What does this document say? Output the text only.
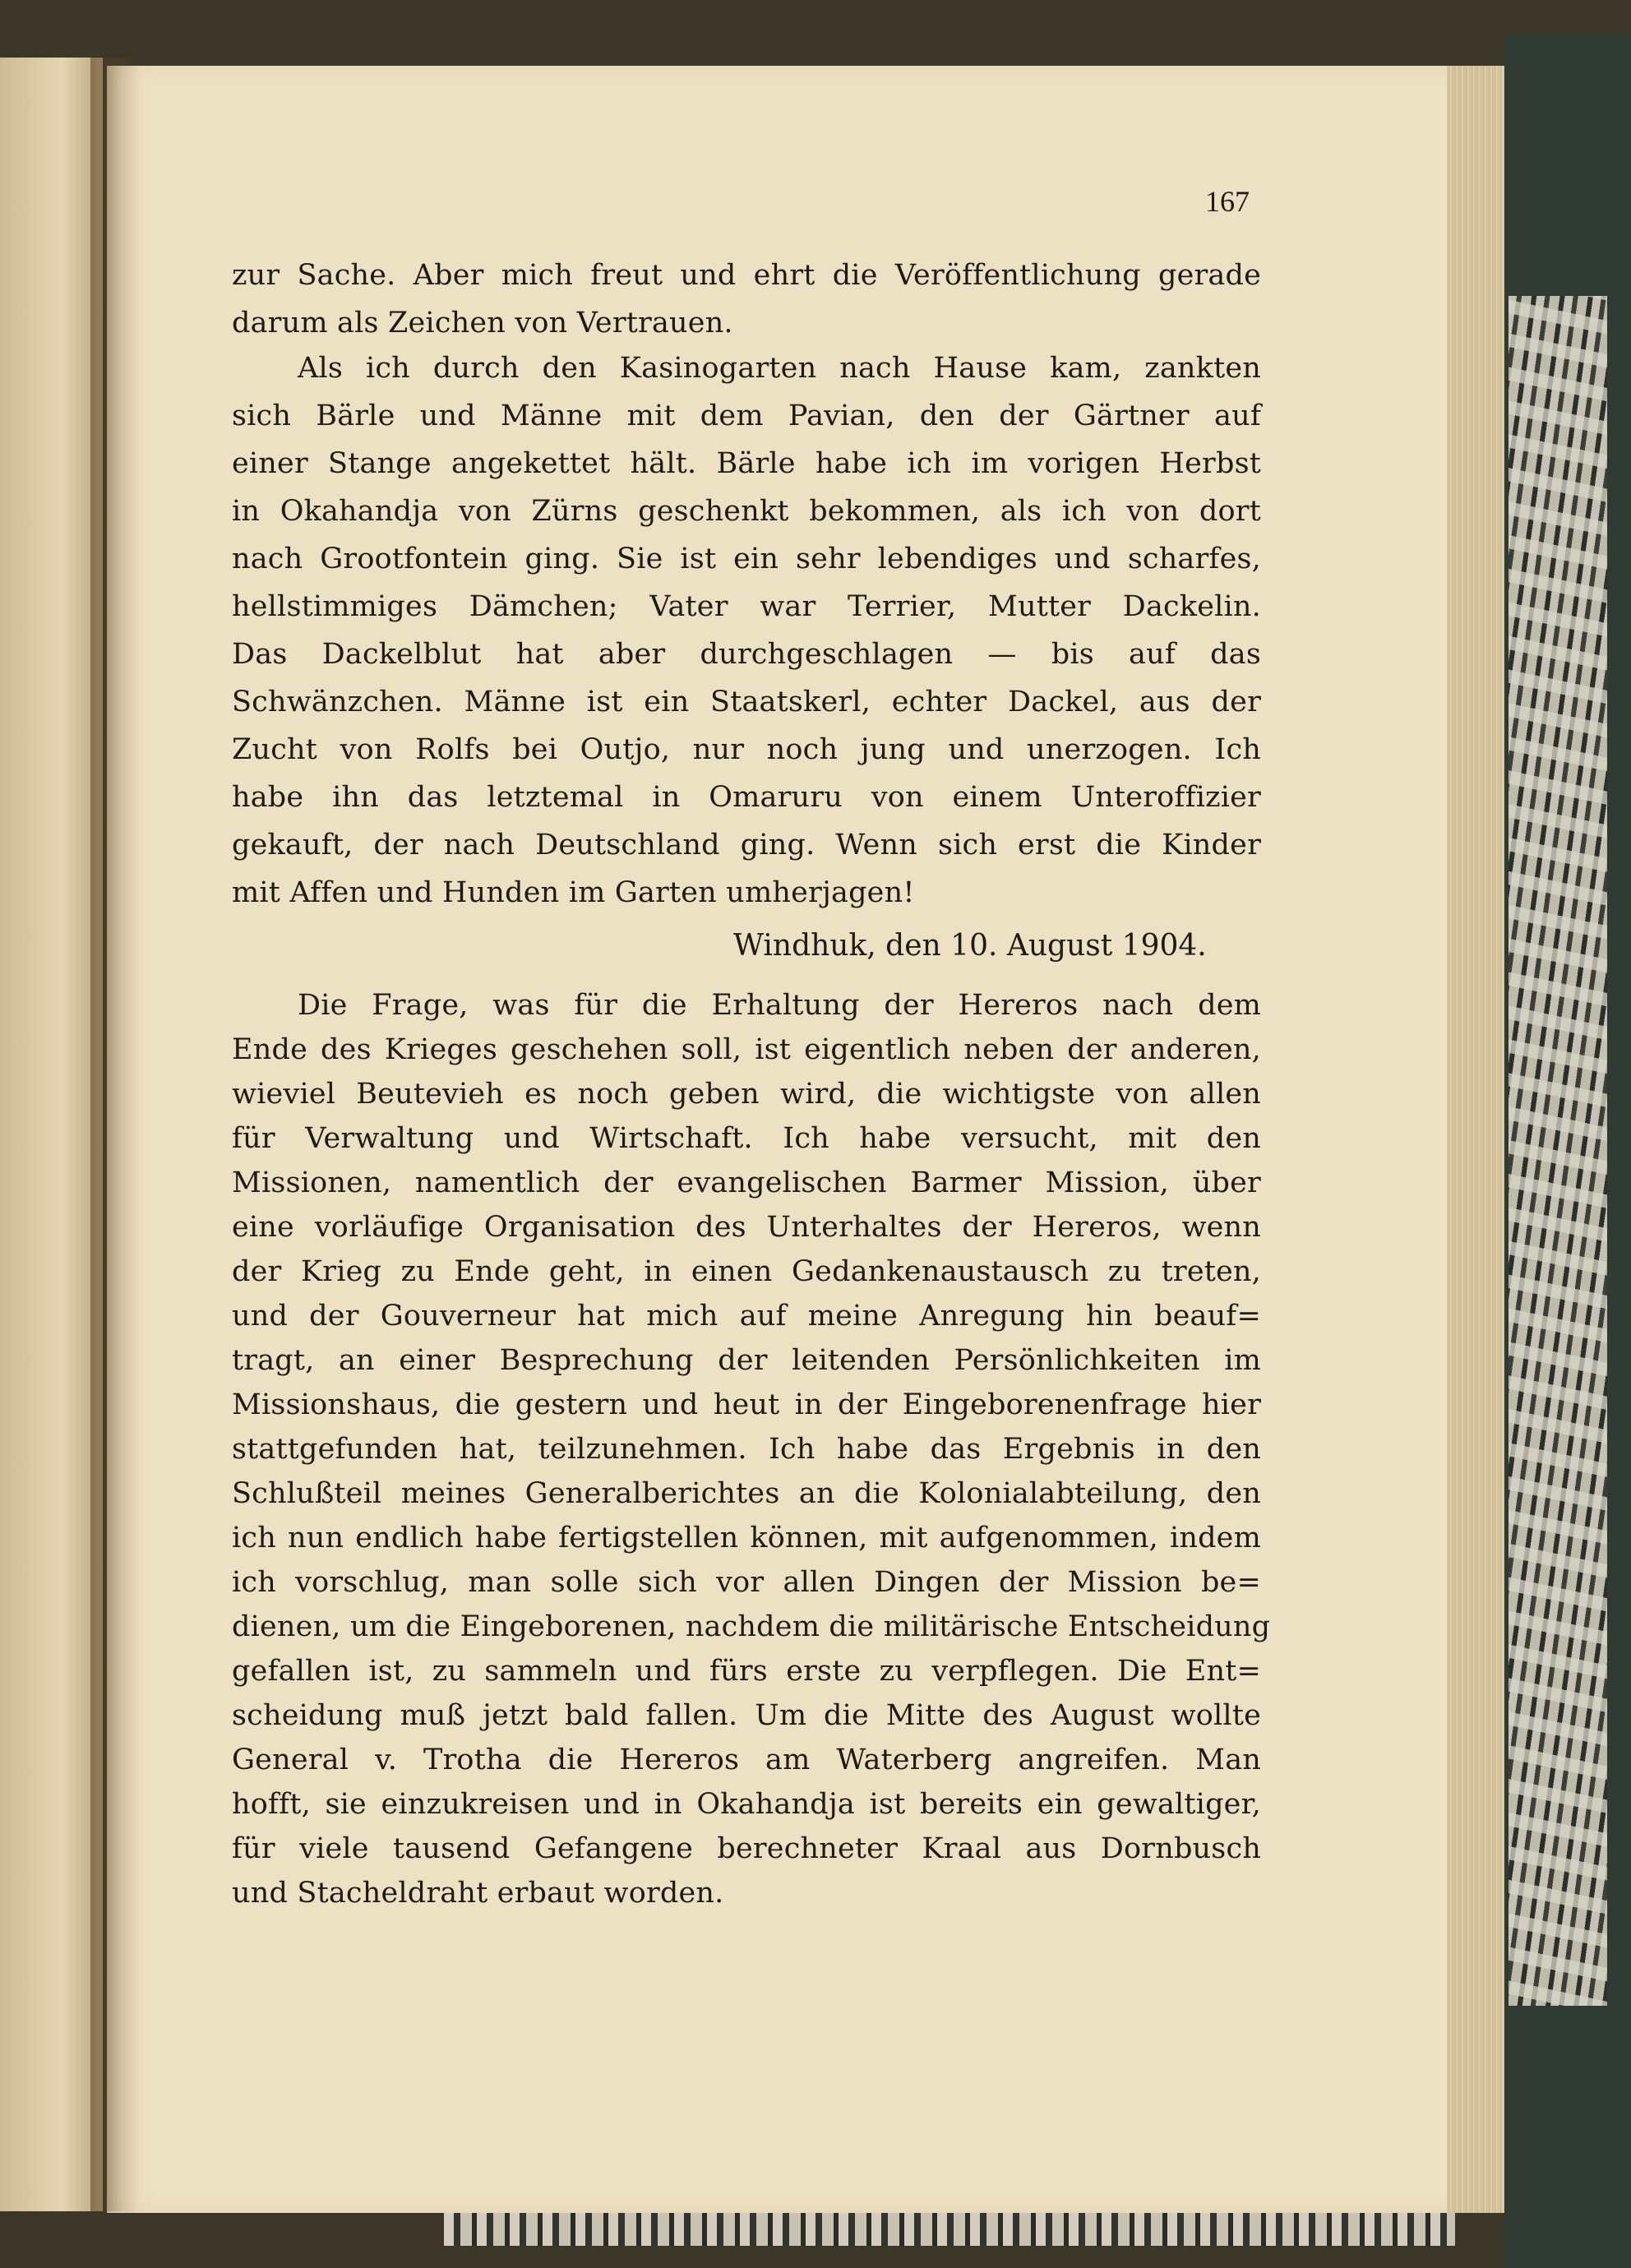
167
zur Sache. Aber mich freut und ehrt die Veröffentlichung gerade
darum als Zeichen von Vertrauen.
Als ich durch den Kasinogarten nach Hause kam, zankten
sich Bärle und Männe mit dem Pavian, den der Gärtner auf
einer Stange angekettet hält. Bärle habe ich im vorigen Herbst
in Okahandja von Zürns geschenkt bekommen, als ich von dort
nach Grootfontein ging. Sie ist ein sehr lebendiges und scharfes,
hellstimmiges Dämchen; Vater war Terrier, Mutter Dackelin.
Das Dackelblut hat aber durchgeschlagen — bis auf das
Schwänzchen. Männe ist ein Staatskerl, echter Dackel, aus der
Zucht von Rolfs bei Outjo, nur noch jung und unerzogen. Ich
habe ihn das letztemal in Omaruru von einem Unteroffizier
gekauft, der nach Deutschland ging. Wenn sich erst die Kinder
mit Affen und Hunden im Garten umherjagen!
Windhuk, den 10. August 1904.
Die Frage, was für die Erhaltung der Hereros nach dem
Ende des Krieges geschehen soll, ist eigentlich neben der anderen,
wieviel Beutevieh es noch geben wird, die wichtigste von allen
für Verwaltung und Wirtschaft. Ich habe versucht, mit den
Missionen, namentlich der evangelischen Barmer Mission, über
eine vorläufige Organisation des Unterhaltes der Hereros, wenn
der Krieg zu Ende geht, in einen Gedankenaustausch zu treten,
und der Gouverneur hat mich auf meine Anregung hin beauf=
tragt, an einer Besprechung der leitenden Persönlichkeiten im
Missionshaus, die gestern und heut in der Eingeborenenfrage hier
stattgefunden hat, teilzunehmen. Ich habe das Ergebnis in den
Schlußteil meines Generalberichtes an die Kolonialabteilung, den
ich nun endlich habe fertigstellen können, mit aufgenommen, indem
ich vorschlug, man solle sich vor allen Dingen der Mission be=
dienen, um die Eingeborenen, nachdem die militärische Entscheidung
gefallen ist, zu sammeln und fürs erste zu verpflegen. Die Ent=
scheidung muß jetzt bald fallen. Um die Mitte des August wollte
General v. Trotha die Hereros am Waterberg angreifen. Man
hofft, sie einzukreisen und in Okahandja ist bereits ein gewaltiger,
für viele tausend Gefangene berechneter Kraal aus Dornbusch
und Stacheldraht erbaut worden.
